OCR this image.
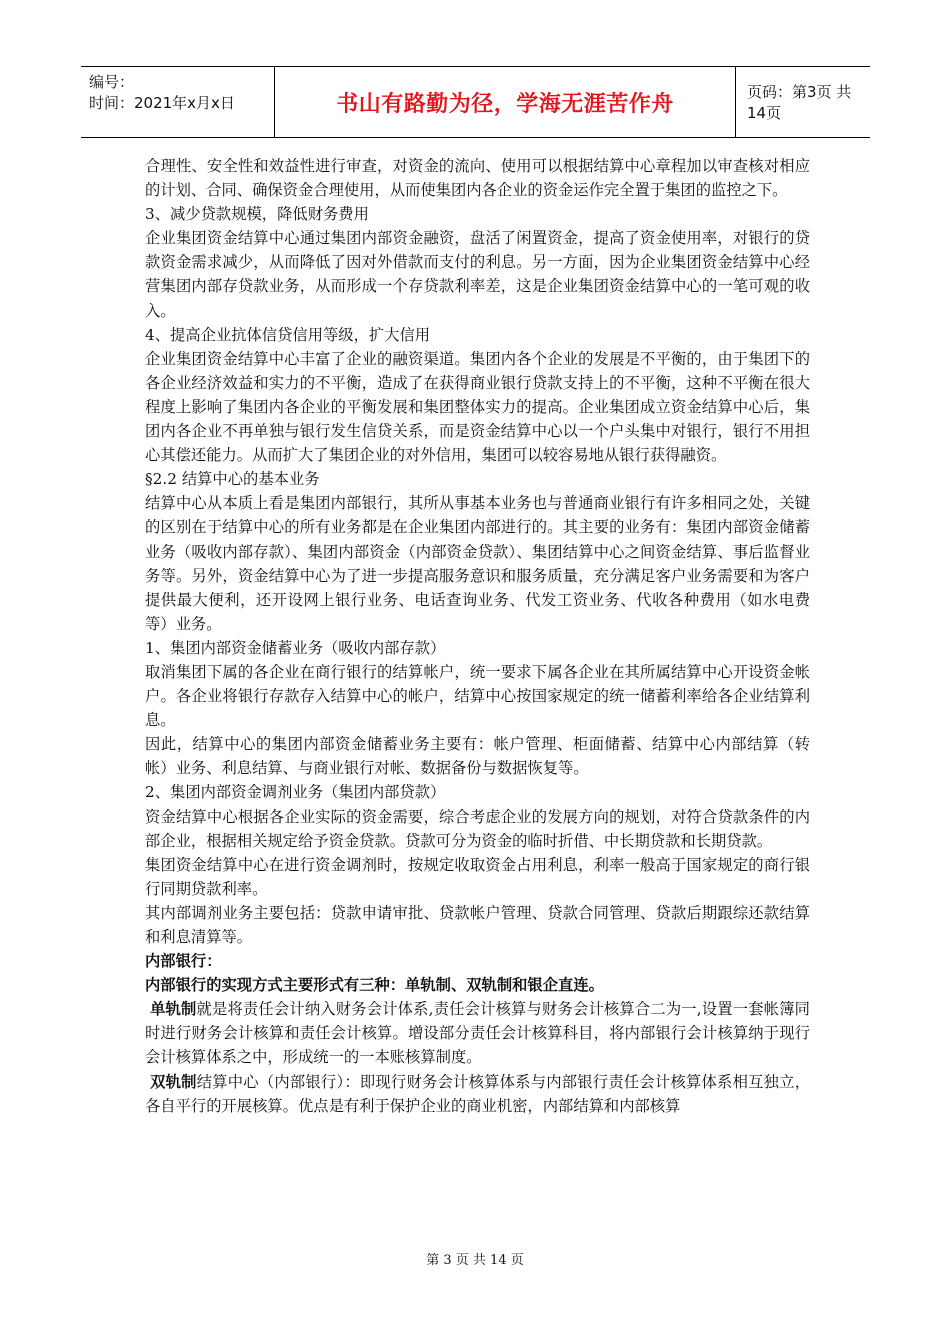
编号：
时间：2021年x月x日	书山有路勤为径，学海无涯苦作舟	页码：第3页 共14页

合理性、安全性和效益性进行审查，对资金的流向、使用可以根据结算中心章程加以审查核对相应的计划、合同、确保资金合理使用，从而使集团内各企业的资金运作完全置于集团的监控之下。

3、减少贷款规模，降低财务费用

企业集团资金结算中心通过集团内部资金融资，盘活了闲置资金，提高了资金使用率，对银行的贷款资金需求减少，从而降低了因对外借款而支付的利息。另一方面，因为企业集团资金结算中心经营集团内部存贷款业务，从而形成一个存贷款利率差，这是企业集团资金结算中心的一笔可观的收入。

4、提高企业抗体信贷信用等级，扩大信用

企业集团资金结算中心丰富了企业的融资渠道。集团内各个企业的发展是不平衡的，由于集团下的各企业经济效益和实力的不平衡，造成了在获得商业银行贷款支持上的不平衡，这种不平衡在很大程度上影响了集团内各企业的平衡发展和集团整体实力的提高。企业集团成立资金结算中心后，集团内各企业不再单独与银行发生信贷关系，而是资金结算中心以一个户头集中对银行，银行不用担心其偿还能力。从而扩大了集团企业的对外信用，集团可以较容易地从银行获得融资。

§2.2 结算中心的基本业务

结算中心从本质上看是集团内部银行，其所从事基本业务也与普通商业银行有许多相同之处，关键的区别在于结算中心的所有业务都是在企业集团内部进行的。其主要的业务有：集团内部资金储蓄业务（吸收内部存款）、集团内部资金（内部资金贷款）、集团结算中心之间资金结算、事后监督业务等。另外，资金结算中心为了进一步提高服务意识和服务质量，充分满足客户业务需要和为客户提供最大便利，还开设网上银行业务、电话查询业务、代发工资业务、代收各种费用（如水电费等）业务。

1、集团内部资金储蓄业务（吸收内部存款）

取消集团下属的各企业在商行银行的结算帐户，统一要求下属各企业在其所属结算中心开设资金帐户。各企业将银行存款存入结算中心的帐户，结算中心按国家规定的统一储蓄利率给各企业结算利息。

因此，结算中心的集团内部资金储蓄业务主要有：帐户管理、柜面储蓄、结算中心内部结算（转帐）业务、利息结算、与商业银行对帐、数据备份与数据恢复等。

2、集团内部资金调剂业务（集团内部贷款）

资金结算中心根据各企业实际的资金需要，综合考虑企业的发展方向的规划，对符合贷款条件的内部企业，根据相关规定给予资金贷款。贷款可分为资金的临时折借、中长期贷款和长期贷款。

集团资金结算中心在进行资金调剂时，按规定收取资金占用利息，利率一般高于国家规定的商行银行同期贷款利率。

其内部调剂业务主要包括：贷款申请审批、贷款帐户管理、贷款合同管理、贷款后期跟综还款结算和利息清算等。

内部银行：

内部银行的实现方式主要形式有三种：单轨制、双轨制和银企直连。

单轨制就是将责任会计纳入财务会计体系,责任会计核算与财务会计核算合二为一,设置一套帐簿同时进行财务会计核算和责任会计核算。增设部分责任会计核算科目，将内部银行会计核算纳于现行会计核算体系之中，形成统一的一本账核算制度。

双轨制结算中心（内部银行）：即现行财务会计核算体系与内部银行责任会计核算体系相互独立，各自平行的开展核算。优点是有利于保护企业的商业机密，内部结算和内部核算

第 3 页 共 14 页
